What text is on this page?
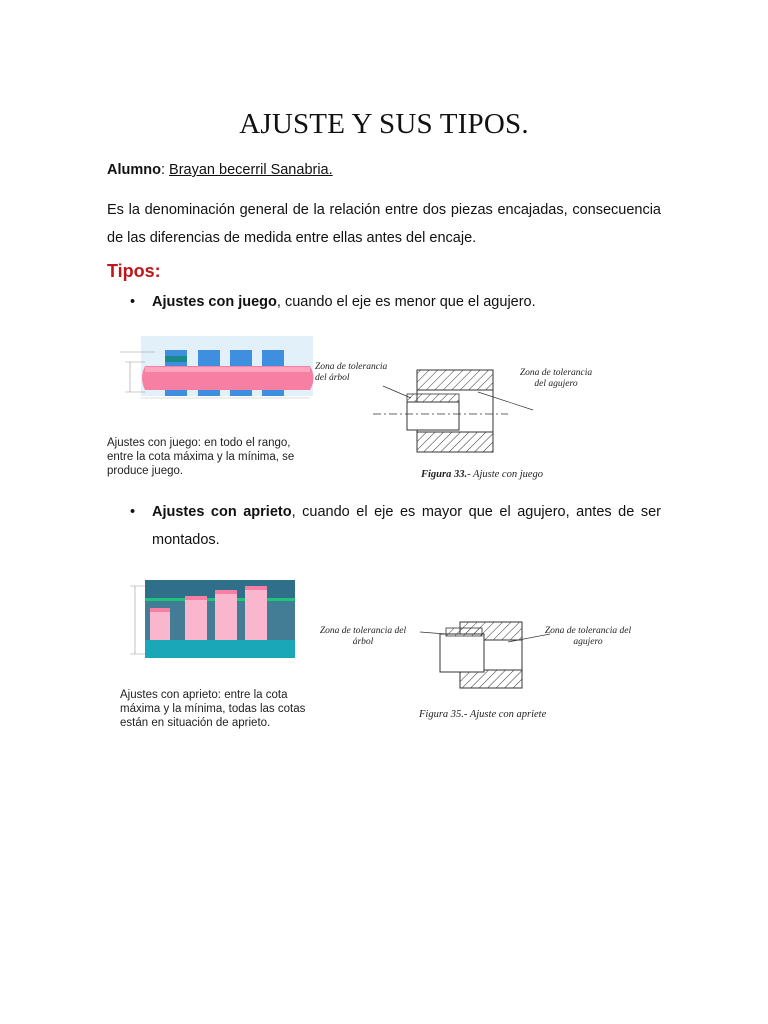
AJUSTE Y SUS TIPOS.
Alumno: Brayan becerril Sanabria.
Es la denominación general de la relación entre dos piezas encajadas, consecuencia de las diferencias de medida entre ellas antes del encaje.
Tipos:
• Ajustes con juego, cuando el eje es menor que el agujero.

Ajustes con juego: en todo el rango, entre la cota máxima y la mínima, se produce juego.
Zona de tolerancia del árbol	Zona de tolerancia del agujero
Figura 33.- Ajuste con juego
• Ajustes con aprieto, cuando el eje es mayor que el agujero, antes de ser montados.
Ajustes con aprieto: entre la cota máxima y la mínima, todas las cotas están en situación de aprieto.
Zona de tolerancia del árbol
Zona de tolerancia del agujero
Figura 35.- Ajuste con apriete
